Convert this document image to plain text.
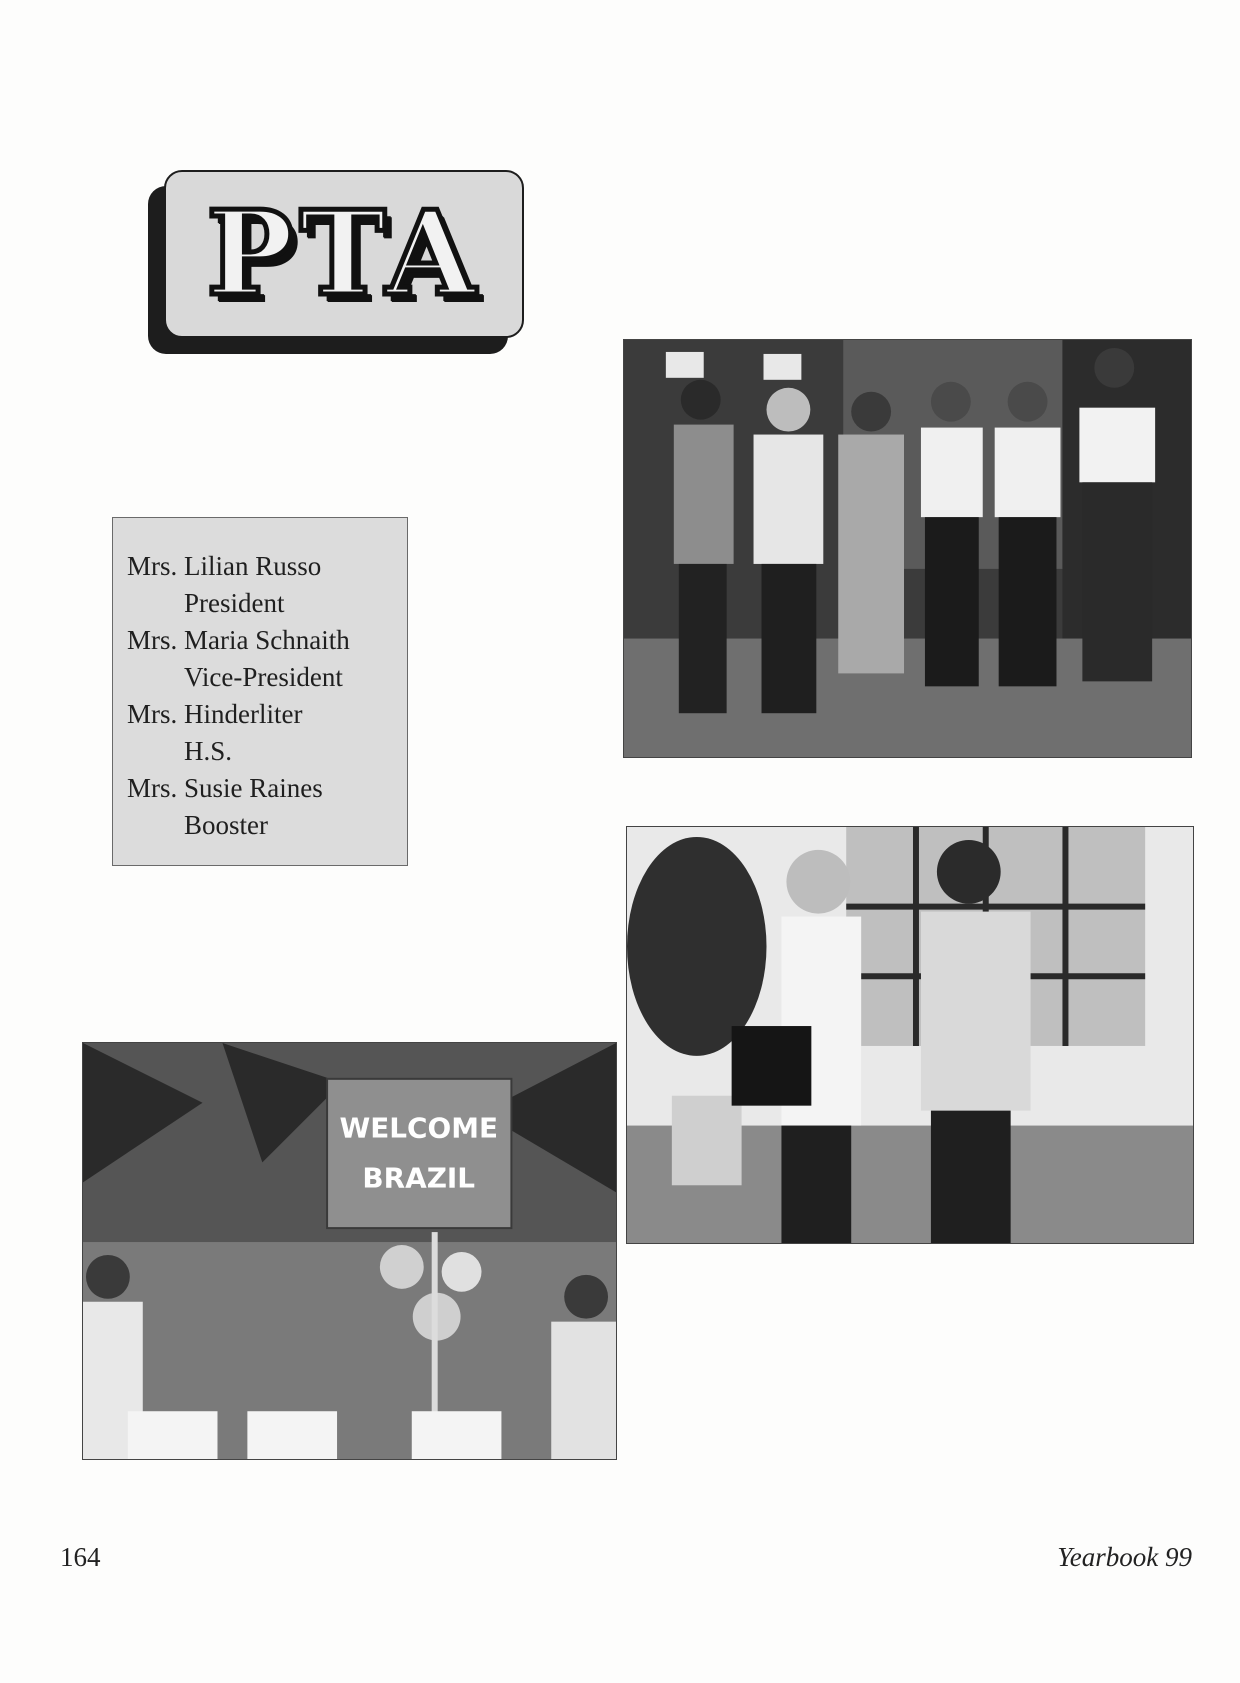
PTA
Mrs. Lilian Russo
President
Mrs. Maria Schnaith
Vice-President
Mrs. Hinderliter
H.S.
Mrs. Susie Raines
Booster
WELCOME
BRAZIL
164	Yearbook 99
